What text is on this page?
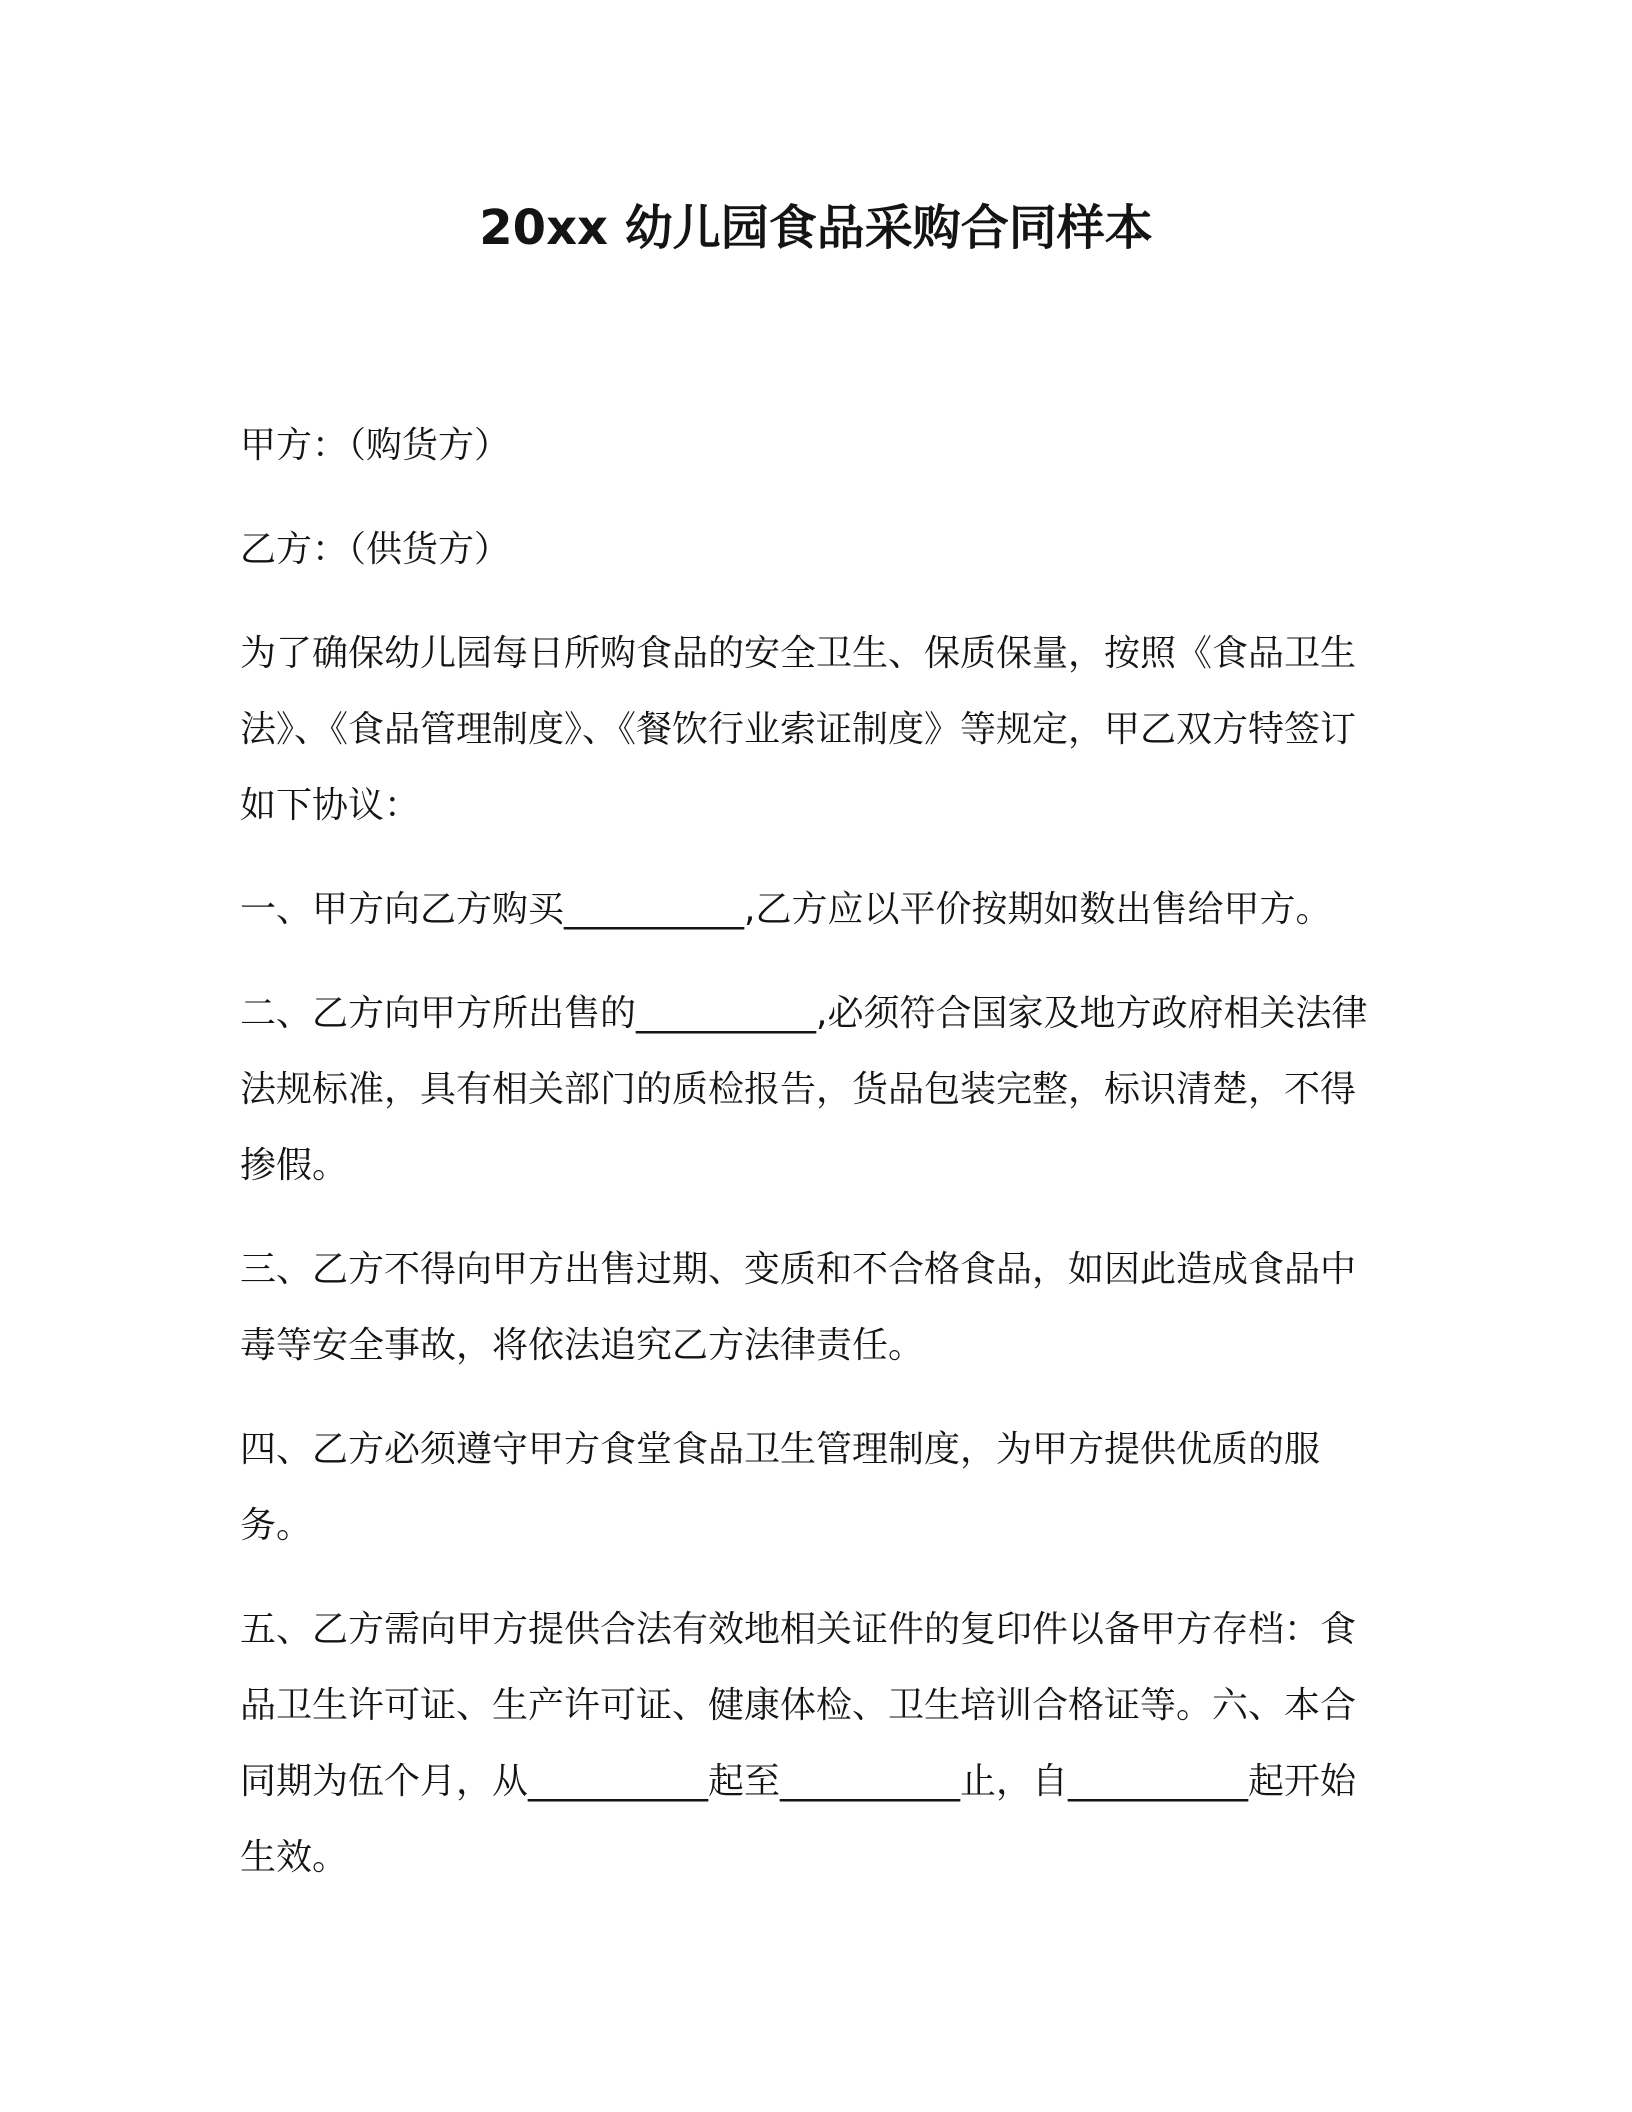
20xx 幼儿园食品采购合同样本

甲方：（购货方）

乙方：（供货方）

为了确保幼儿园每日所购食品的安全卫生、保质保量，按照《食品卫生法》、《食品管理制度》、《餐饮行业索证制度》等规定，甲乙双方特签订如下协议：

一、甲方向乙方购买__________,乙方应以平价按期如数出售给甲方。

二、乙方向甲方所出售的__________,必须符合国家及地方政府相关法律法规标准，具有相关部门的质检报告，货品包装完整，标识清楚，不得掺假。

三、乙方不得向甲方出售过期、变质和不合格食品，如因此造成食品中毒等安全事故，将依法追究乙方法律责任。

四、乙方必须遵守甲方食堂食品卫生管理制度，为甲方提供优质的服务。

五、乙方需向甲方提供合法有效地相关证件的复印件以备甲方存档：食品卫生许可证、生产许可证、健康体检、卫生培训合格证等。六、本合同期为伍个月，从__________起至__________止，自__________起开始生效。
